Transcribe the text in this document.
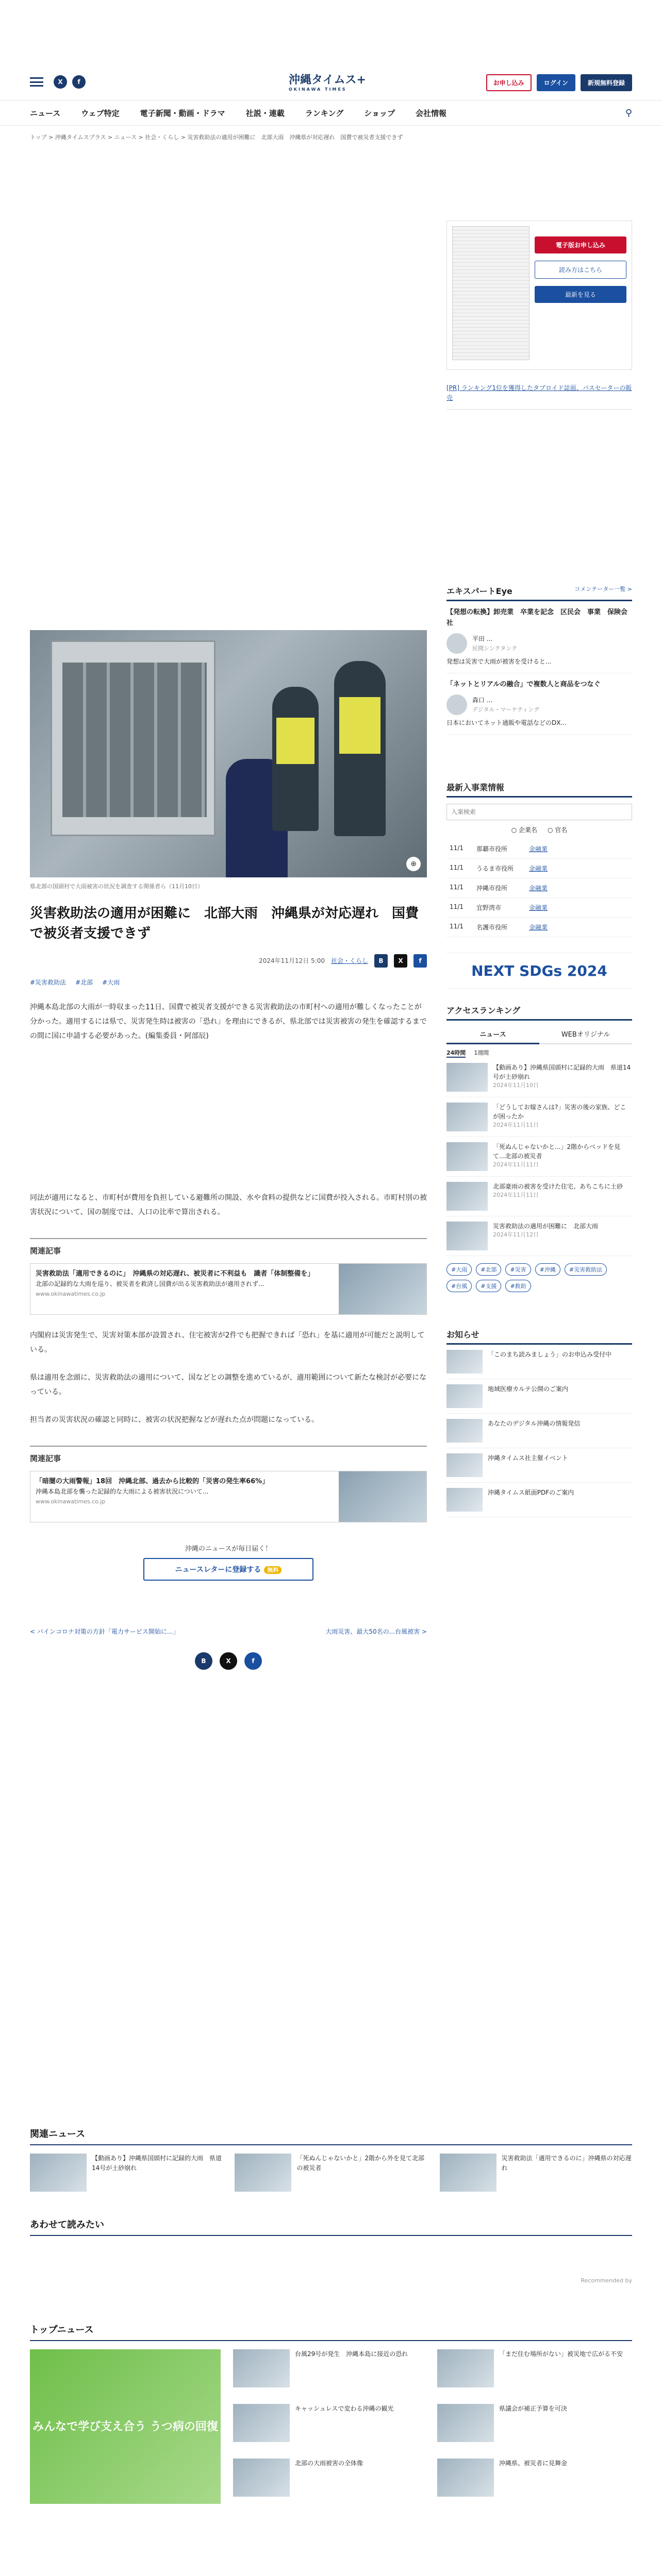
X	f	沖縄タイムス+
OKINAWA TIMES
お申し込み	ログイン	新規無料登録
ニュース	ウェブ特定	電子新聞・動画・ドラマ	社説・連載	ランキング	ショップ	会社情報	⚲
トップ > 沖縄タイムスプラス > ニュース > 社会・くらし > 災害救助法の適用が困難に　北部大雨　沖縄県が対応遅れ　国費で被災者支援できず
⊕
県北部の国頭村で大雨被害の状況を調査する関係者ら（11月10日）
災害救助法の適用が困難に　北部大雨　沖縄県が対応遅れ　国費で被災者支援できず
2024年11月12日 5:00 社会・くらし	B	X	f
#災害救助法 #北部 #大雨

沖縄本島北部の大雨が一時収まった11日、国費で被災者支援ができる災害救助法の市町村への適用が難しくなったことが分かった。適用するには県で、災害発生時は被害の「恐れ」を理由にできるが、県北部では災害被害の発生を確認するまでの間に国に申請する必要があった。(編集委員・阿部辰)

同法が適用になると、市町村が費用を負担している避難所の開設、水や食料の提供などに国費が投入される。市町村別の被害状況について、国の制度では、人口の比率で算出される。

関連記事
災害救助法「適用できるのに」　沖縄県の対応遅れ、被災者に不利益も　識者「体制整備を」
北部の記録的な大雨を巡り、被災者を救済し国費が出る災害救助法が適用されず...
www.okinawatimes.co.jp

内閣府は災害発生で、災害対策本部が設置され、住宅被害が2件でも把握できれば「恐れ」を基に適用が可能だと説明している。

県は適用を念頭に、災害救助法の適用について、国などとの調整を進めているが、適用範囲について新たな検討が必要になっている。

担当者の災害状況の確認と同時に、被害の状況把握などが遅れた点が問題になっている。

関連記事
「暗闇の大雨警報」18回　沖縄北部、過去から比較的「災害の発生率66%」
沖縄本島北部を襲った記録的な大雨による被害状況について...
www.okinawatimes.co.jp
沖縄のニュースが毎日届く！
ニュースレターに登録する 無料
< バインコロナ対策の方針「電力サービス開始に...」	大雨災害、最大50名の...台風被害 >
B	X	f
電子版お申し込み
読み方はこちら
最新を見る
[PR] ランキング1位を獲得したタブロイド誌面、パスセーターの販売
エキスパートEye	コメンテーター一覧 >
【発想の転換】卸売業　卒業を記念　区民会　事業　保険会社
平田 ...
民間シンクタンク
発想は災害で大雨が被害を受けると...
「ネットとリアルの融合」で複数人と商品をつなぐ
森口 ...
デジタル・マーケティング
日本においてネット通販や電話などのDX...
最新入事業情報
入案検索
○ 企業名 ○ 官名
11/1	那覇市役所	金融業
11/1	うるま市役所	金融業
11/1	沖縄市役所	金融業
11/1	宜野湾市	金融業
11/1	名護市役所	金融業
NEXT SDGs 2024
アクセスランキング
ニュース	WEBオリジナル
24時間 1週間
【動画あり】沖縄県国頭村に記録的大雨　県道14号が土砂崩れ
2024年11月10日
「どうしてお嫁さんは?」災害の後の家族、どこが困ったか
2024年11月11日
「死ぬんじゃないかと...」2階からベッドを見て...北部の被災者
2024年11月11日
北部豪雨の被害を受けた住宅、あちこちに土砂
2024年11月11日
災害救助法の適用が困難に　北部大雨
2024年11月12日
#大雨	#北部	#災害	#沖縄	#災害救助法
#台風	#支援	#救助
お知らせ
「このまち読みましょう」のお申込み受付中
地域医療カルテ公開のご案内
あなたのデジタル沖縄の情報発信
沖縄タイムス社主催イベント
沖縄タイムス紙面PDFのご案内
関連ニュース
【動画あり】沖縄県国頭村に記録的大雨　県道14号が土砂崩れ
「死ぬんじゃないかと」2階から外を見て北部の被災者
災害救助法「適用できるのに」沖縄県の対応遅れ
あわせて読みたい
Recommended by
トップニュース
みんなで学び支え合う うつ病の回復
台風29号が発生　沖縄本島に接近の恐れ	「まだ住む場所がない」被災地で広がる不安
キャッシュレスで変わる沖縄の観光	県議会が補正予算を可決
北部の大雨被害の全体像	沖縄県、被災者に見舞金
